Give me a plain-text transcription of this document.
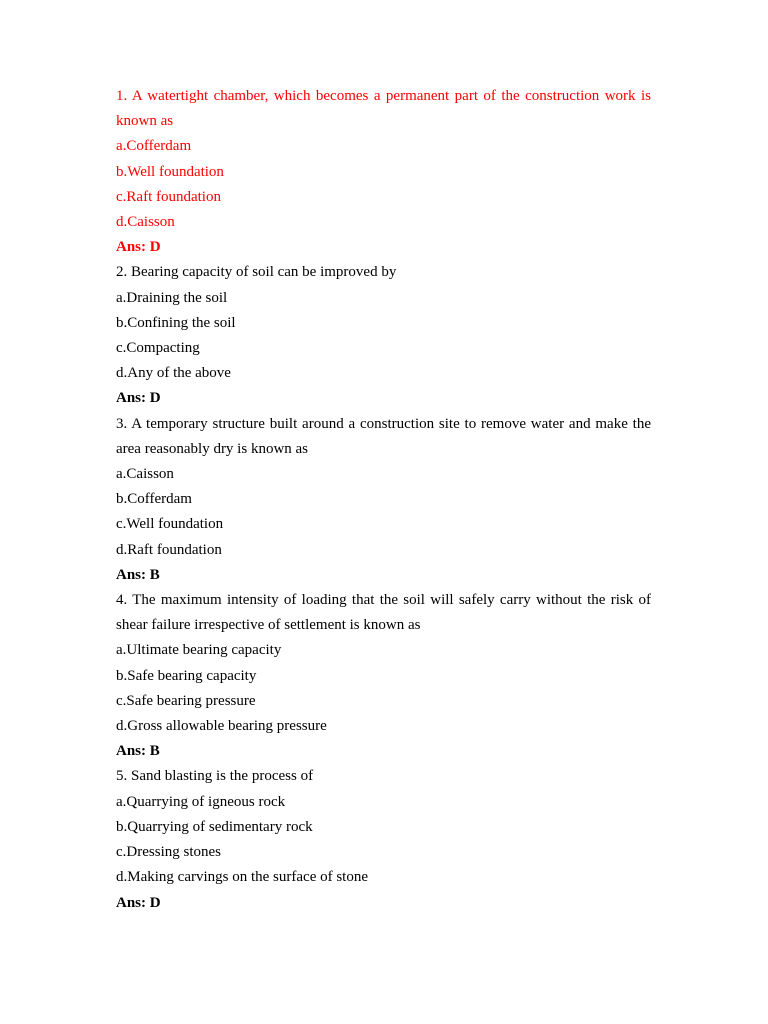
1. A watertight chamber, which becomes a permanent part of the construction work is known as

a.Cofferdam

b.Well foundation

c.Raft foundation

d.Caisson

Ans: D

2. Bearing capacity of soil can be improved by

a.Draining the soil

b.Confining the soil

c.Compacting

d.Any of the above

Ans: D

3. A temporary structure built around a construction site to remove water and make the area reasonably dry is known as

a.Caisson

b.Cofferdam

c.Well foundation

d.Raft foundation

Ans: B

4. The maximum intensity of loading that the soil will safely carry without the risk of shear failure irrespective of settlement is known as

a.Ultimate bearing capacity

b.Safe bearing capacity

c.Safe bearing pressure

d.Gross allowable bearing pressure

Ans: B

5. Sand blasting is the process of

a.Quarrying of igneous rock

b.Quarrying of sedimentary rock

c.Dressing stones

d.Making carvings on the surface of stone

Ans: D
